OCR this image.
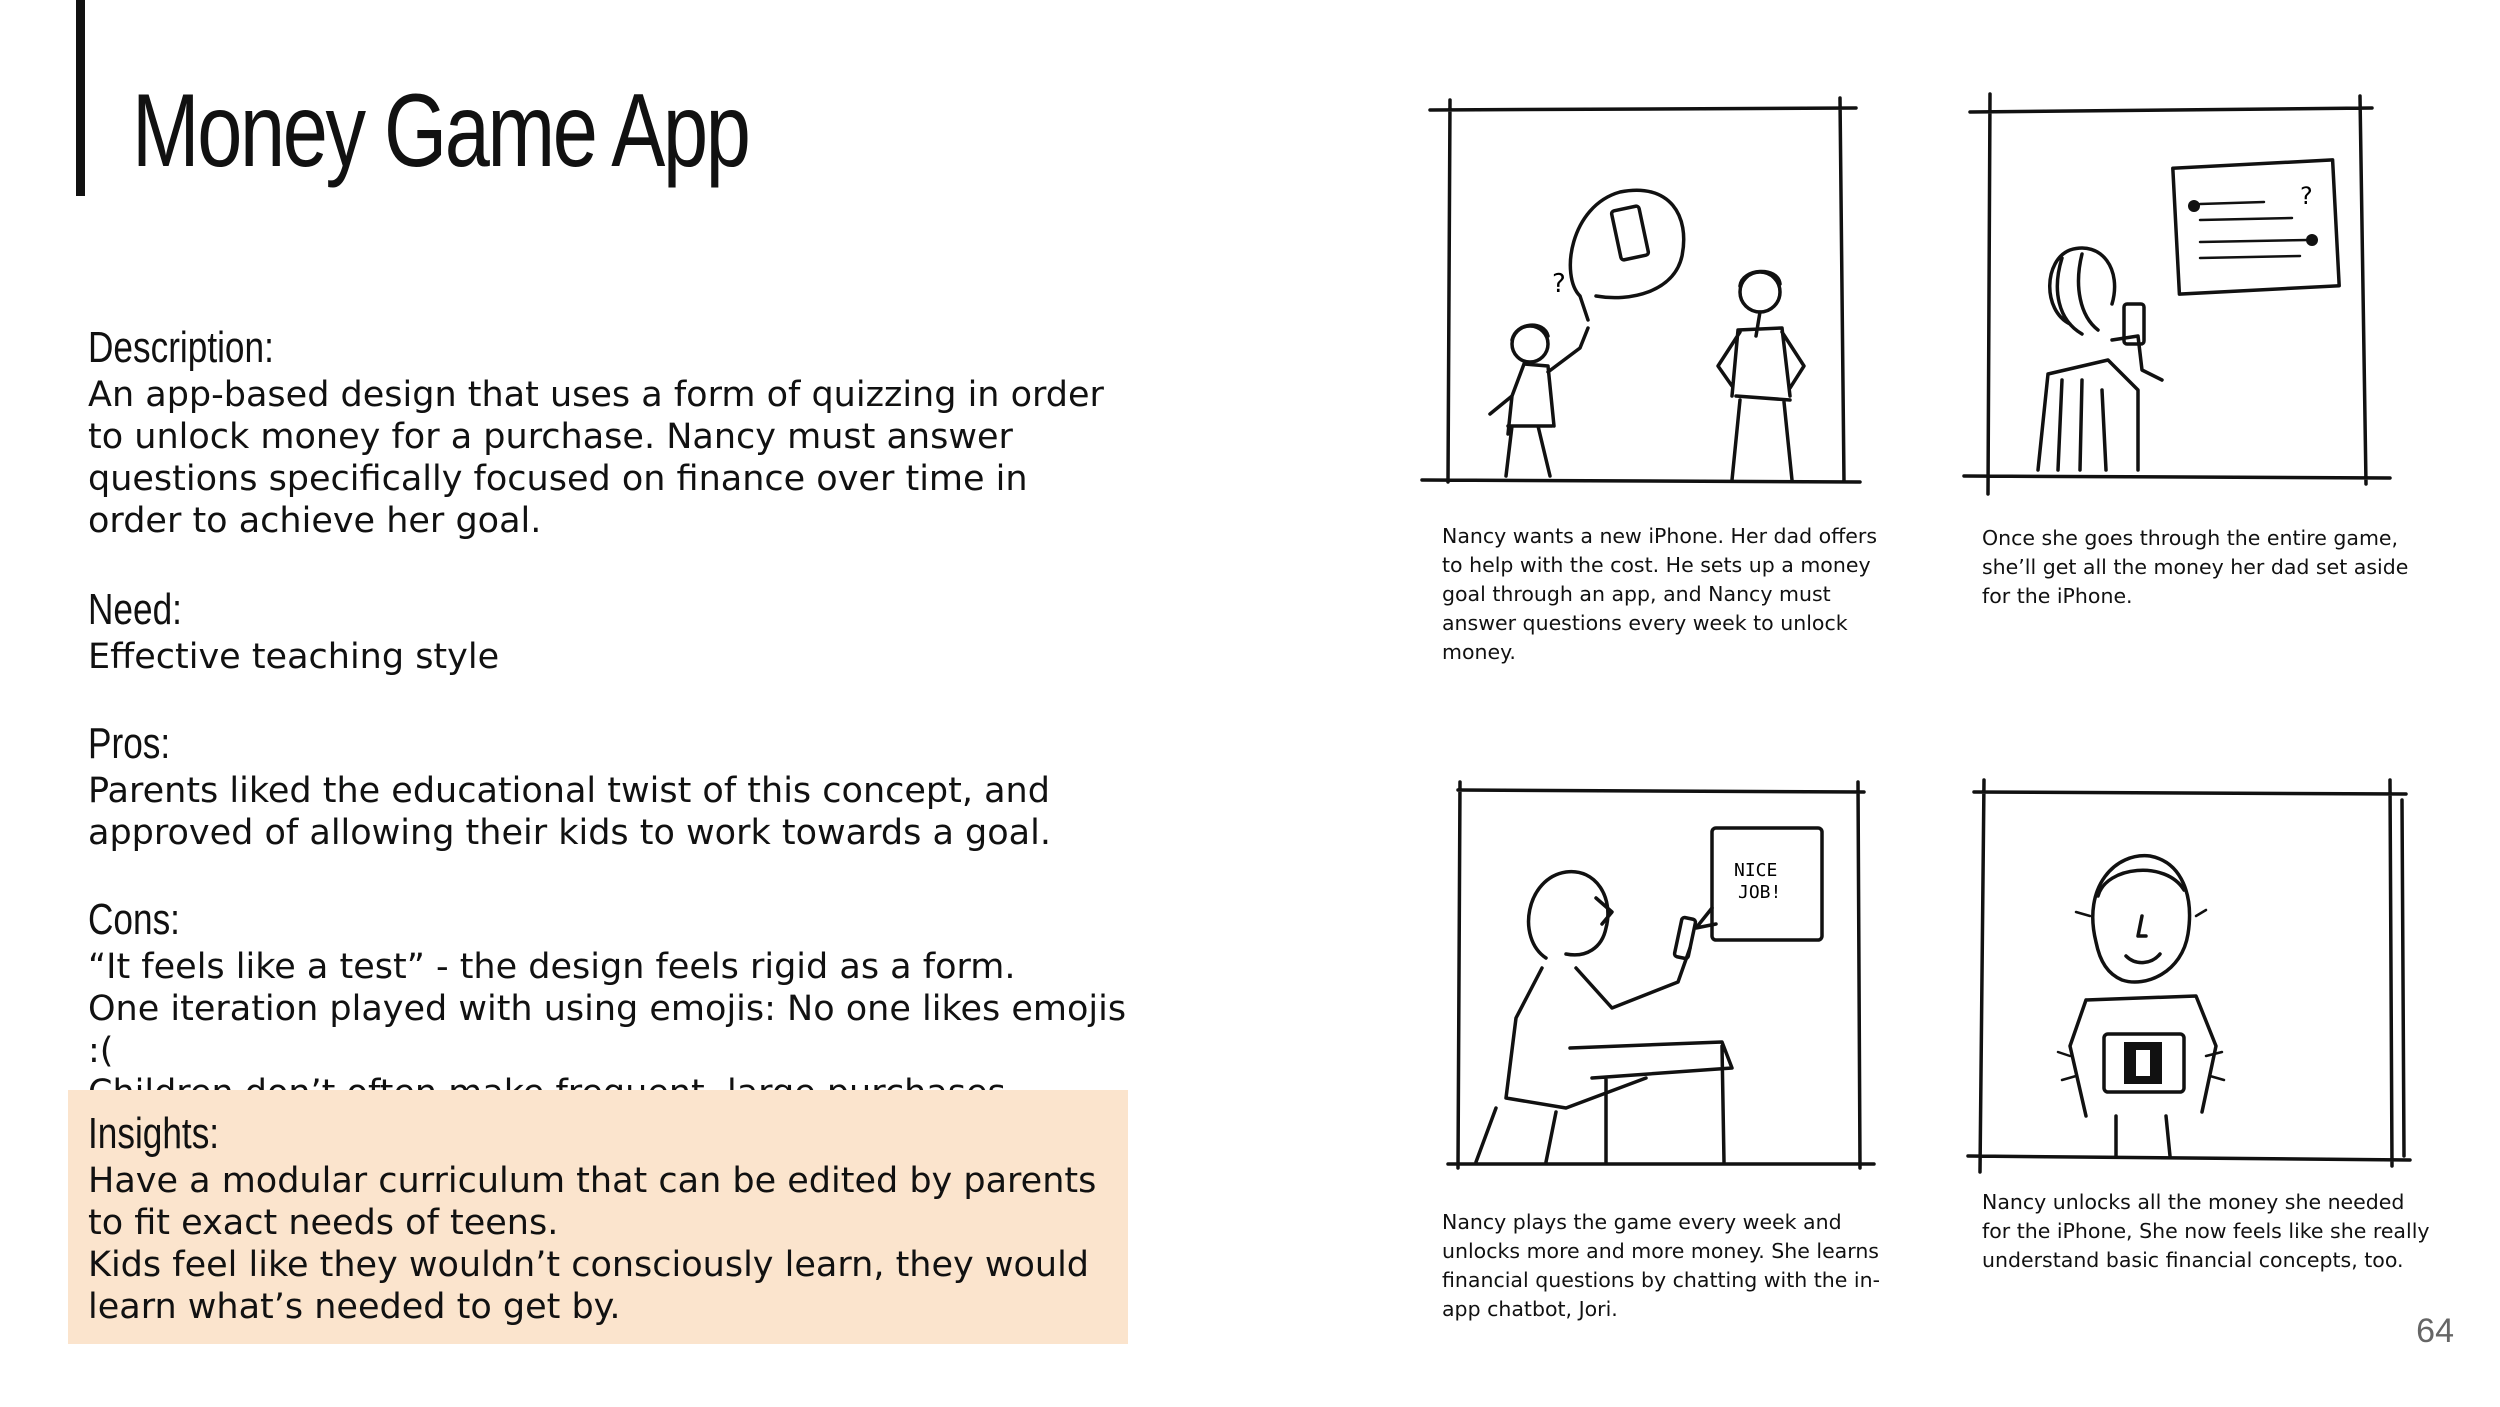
Money Game App
Description:

An app-based design that uses a form of quizzing in order to unlock money for a purchase. Nancy must answer questions specifically focused on finance over time in order to achieve her goal.

Need:

Effective teaching style

Pros:

Parents liked the educational twist of this concept, and approved of allowing their kids to work towards a goal.

Cons:

“It feels like a test” - the design feels rigid as a form.

One iteration played with using emojis: No one likes emojis :(

Insights:

Have a modular curriculum that can be edited by parents to fit exact needs of teens.

Kids feel like they wouldn’t consciously learn, they would learn what’s needed to get by.

?

Nancy wants a new iPhone. Her dad offers to help with the cost. He sets up a money goal through an app, and Nancy must answer questions every week to unlock money.

?

Once she goes through the entire game, she’ll get all the money her dad set aside for the iPhone.

NICE
JOB!

Nancy plays the game every week and unlocks more and more money. She learns financial questions by chatting with the in-app chatbot, Jori.

Nancy unlocks all the money she needed for the iPhone, She now feels like she really understand basic financial concepts, too.

64
